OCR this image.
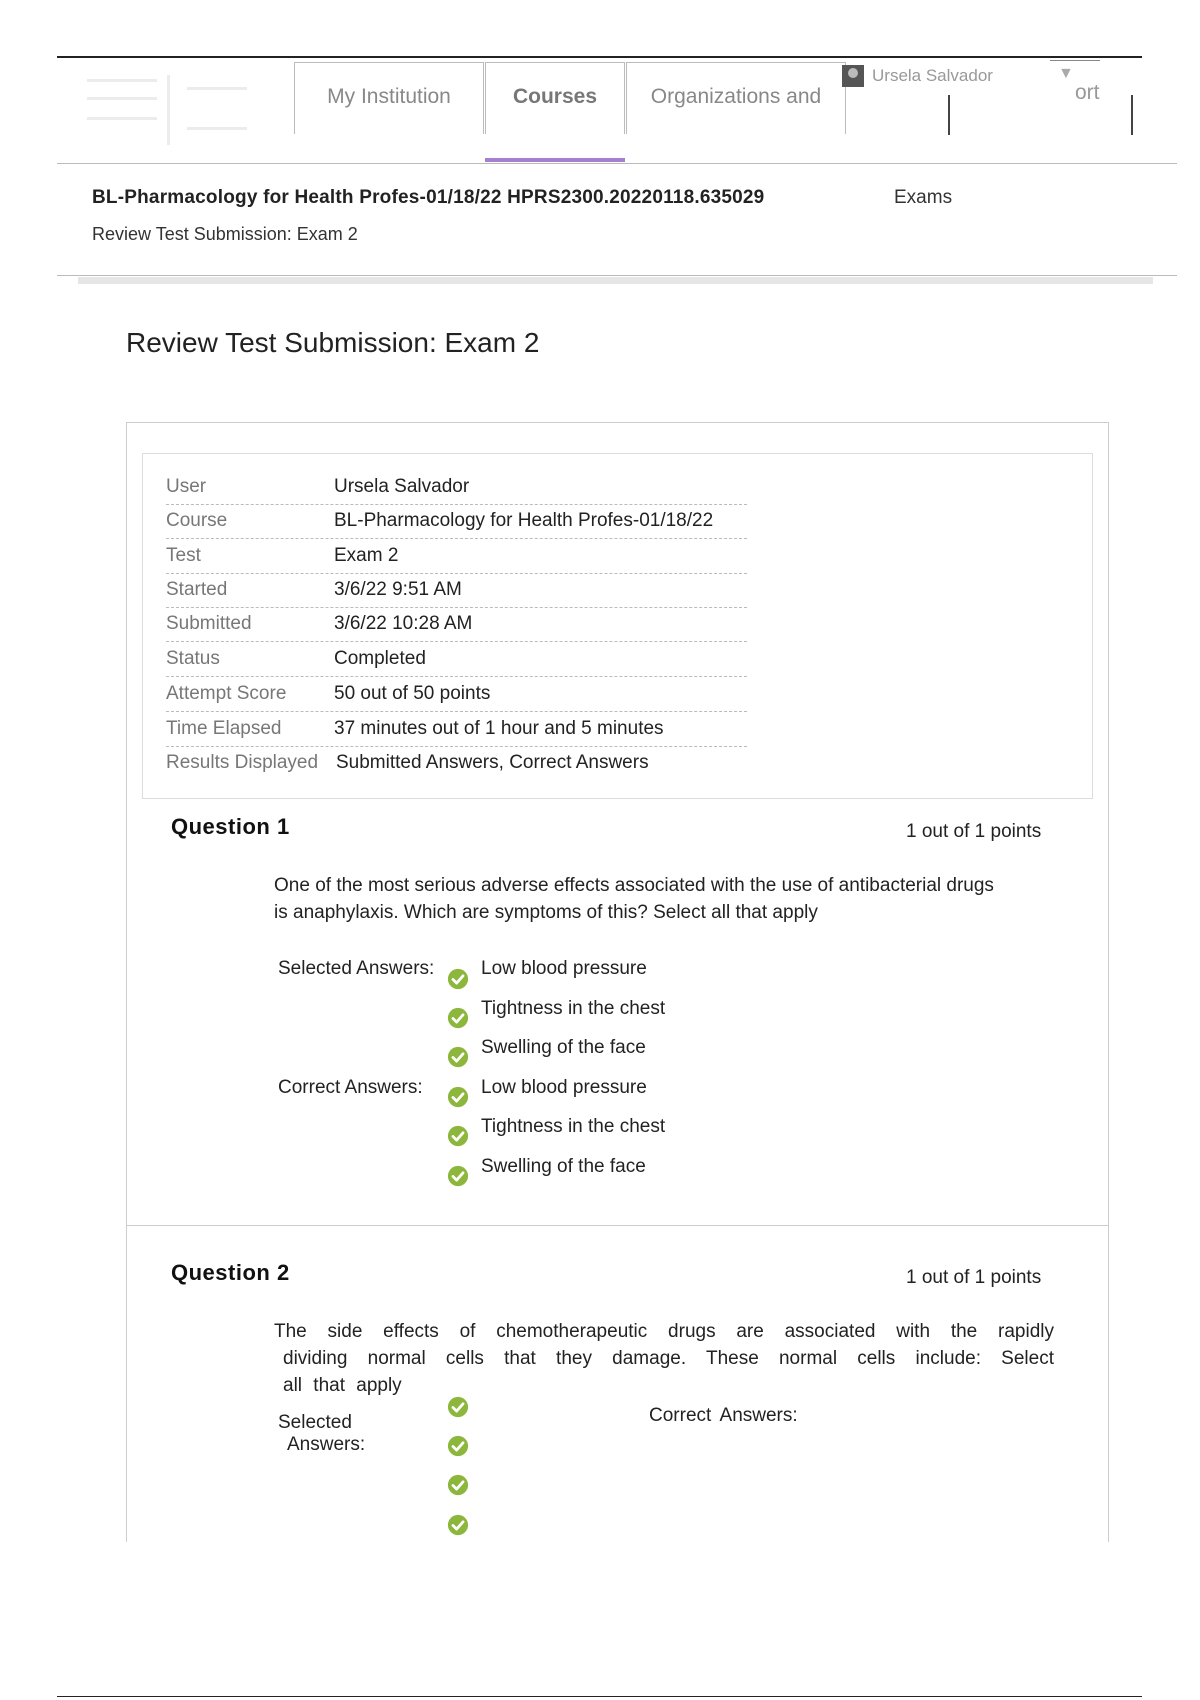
My Institution	Courses	Organizations and
Ursela Salvador	▼
ort
BL-Pharmacology for Health Profes-01/18/22 HPRS2300.20220118.635029	Exams
Review Test Submission: Exam 2
Review Test Submission: Exam 2
User	Ursela Salvador
Course	BL-Pharmacology for Health Profes-01/18/22
Test	Exam 2
Started	3/6/22 9:51 AM
Submitted	3/6/22 10:28 AM
Status	Completed
Attempt Score	50 out of 50 points
Time Elapsed	37 minutes out of 1 hour and 5 minutes
Results Displayed Submitted Answers, Correct Answers
Question 1	1 out of 1 points
One of the most serious adverse effects associated with the use of antibacterial drugs
is anaphylaxis. Which are symptoms of this? Select all that apply
Selected Answers: Low blood pressure
Tightness in the chest
Swelling of the face
Correct Answers:	Low blood pressure
Tightness in the chest
Swelling of the face
Question 2	1 out of 1 points
The side effects of chemotherapeutic drugs are associated with the rapidly
dividing normal cells that they damage. These normal cells include: Select
all that apply
Selected
Answers:
Correct Answers:
